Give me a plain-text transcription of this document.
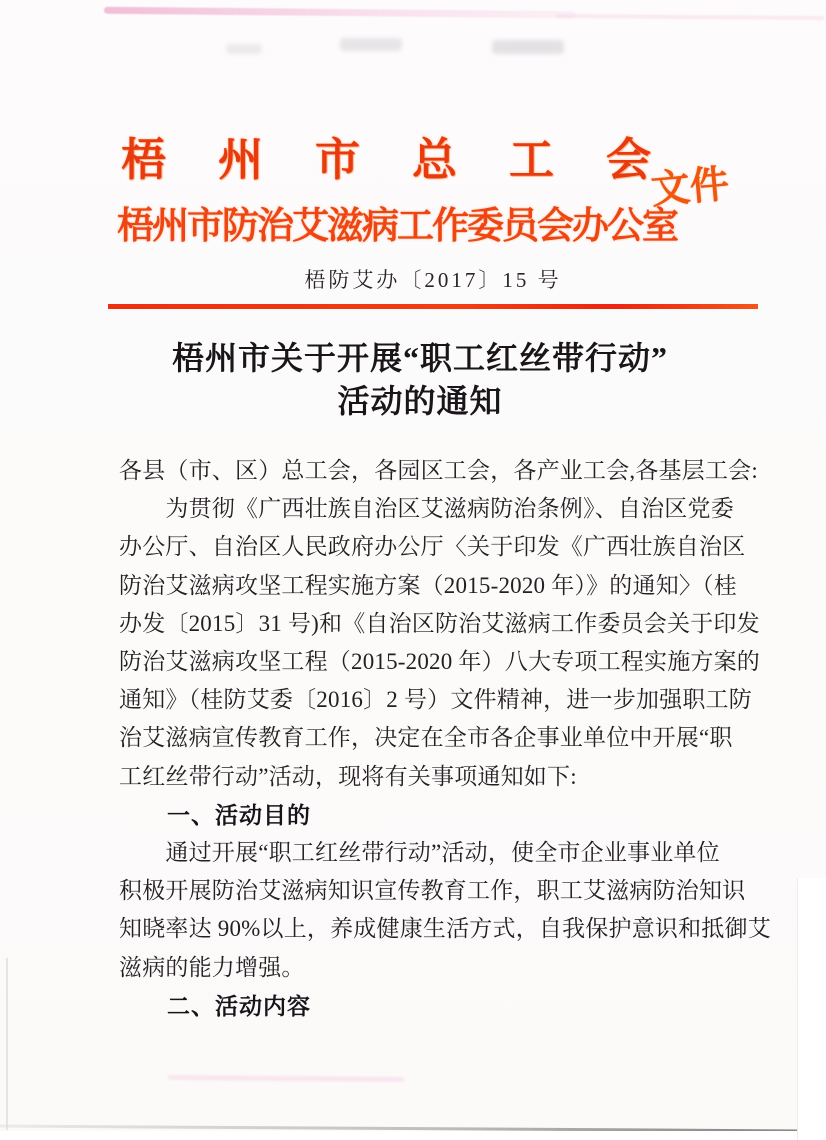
梧州市总工会
文件
梧州市防治艾滋病工作委员会办公室
梧防艾办〔2017〕15 号
梧州市关于开展“职工红丝带行动”
活动的通知
各县（市、区）总工会，各园区工会，各产业工会,各基层工会:
　　为贯彻《广西壮族自治区艾滋病防治条例》、自治区党委
办公厅、自治区人民政府办公厅〈关于印发《广西壮族自治区
防治艾滋病攻坚工程实施方案（2015-2020 年）》的通知〉（桂
办发〔2015〕31 号)和《自治区防治艾滋病工作委员会关于印发
防治艾滋病攻坚工程（2015-2020 年）八大专项工程实施方案的
通知》（桂防艾委〔2016〕2 号）文件精神，进一步加强职工防
治艾滋病宣传教育工作，决定在全市各企事业单位中开展“职
工红丝带行动”活动，现将有关事项通知如下:
　　一、活动目的
　　通过开展“职工红丝带行动”活动，使全市企业事业单位
积极开展防治艾滋病知识宣传教育工作，职工艾滋病防治知识
知晓率达 90%以上，养成健康生活方式，自我保护意识和抵御艾
滋病的能力增强。
　　二、活动内容
